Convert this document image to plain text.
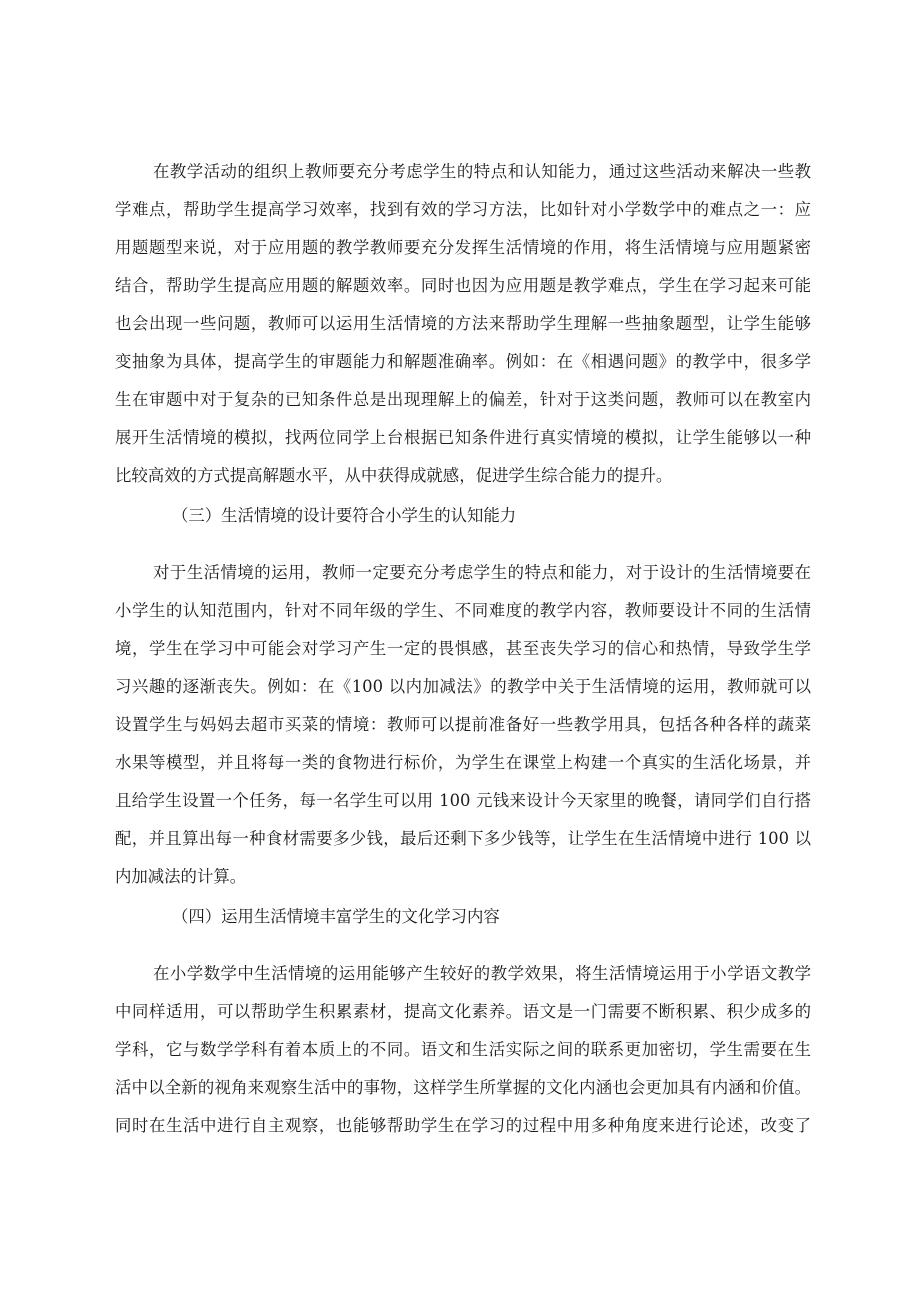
在教学活动的组织上教师要充分考虑学生的特点和认知能力，通过这些活动来解决一些教
学难点，帮助学生提高学习效率，找到有效的学习方法，比如针对小学数学中的难点之一：应
用题题型来说，对于应用题的教学教师要充分发挥生活情境的作用，将生活情境与应用题紧密
结合，帮助学生提高应用题的解题效率。同时也因为应用题是教学难点，学生在学习起来可能
也会出现一些问题，教师可以运用生活情境的方法来帮助学生理解一些抽象题型，让学生能够
变抽象为具体，提高学生的审题能力和解题准确率。例如：在《相遇问题》的教学中，很多学
生在审题中对于复杂的已知条件总是出现理解上的偏差，针对于这类问题，教师可以在教室内
展开生活情境的模拟，找两位同学上台根据已知条件进行真实情境的模拟，让学生能够以一种
比较高效的方式提高解题水平，从中获得成就感，促进学生综合能力的提升。
（三）生活情境的设计要符合小学生的认知能力
对于生活情境的运用，教师一定要充分考虑学生的特点和能力，对于设计的生活情境要在
小学生的认知范围内，针对不同年级的学生、不同难度的教学内容，教师要设计不同的生活情
境，学生在学习中可能会对学习产生一定的畏惧感，甚至丧失学习的信心和热情，导致学生学
习兴趣的逐渐丧失。例如：在《100 以内加减法》的教学中关于生活情境的运用，教师就可以
设置学生与妈妈去超市买菜的情境：教师可以提前准备好一些教学用具，包括各种各样的蔬菜
水果等模型，并且将每一类的食物进行标价，为学生在课堂上构建一个真实的生活化场景，并
且给学生设置一个任务，每一名学生可以用 100 元钱来设计今天家里的晚餐，请同学们自行搭
配，并且算出每一种食材需要多少钱，最后还剩下多少钱等，让学生在生活情境中进行 100 以
内加减法的计算。
（四）运用生活情境丰富学生的文化学习内容
在小学数学中生活情境的运用能够产生较好的教学效果，将生活情境运用于小学语文教学
中同样适用，可以帮助学生积累素材，提高文化素养。语文是一门需要不断积累、积少成多的
学科，它与数学学科有着本质上的不同。语文和生活实际之间的联系更加密切，学生需要在生
活中以全新的视角来观察生活中的事物，这样学生所掌握的文化内涵也会更加具有内涵和价值。
同时在生活中进行自主观察，也能够帮助学生在学习的过程中用多种角度来进行论述，改变了
